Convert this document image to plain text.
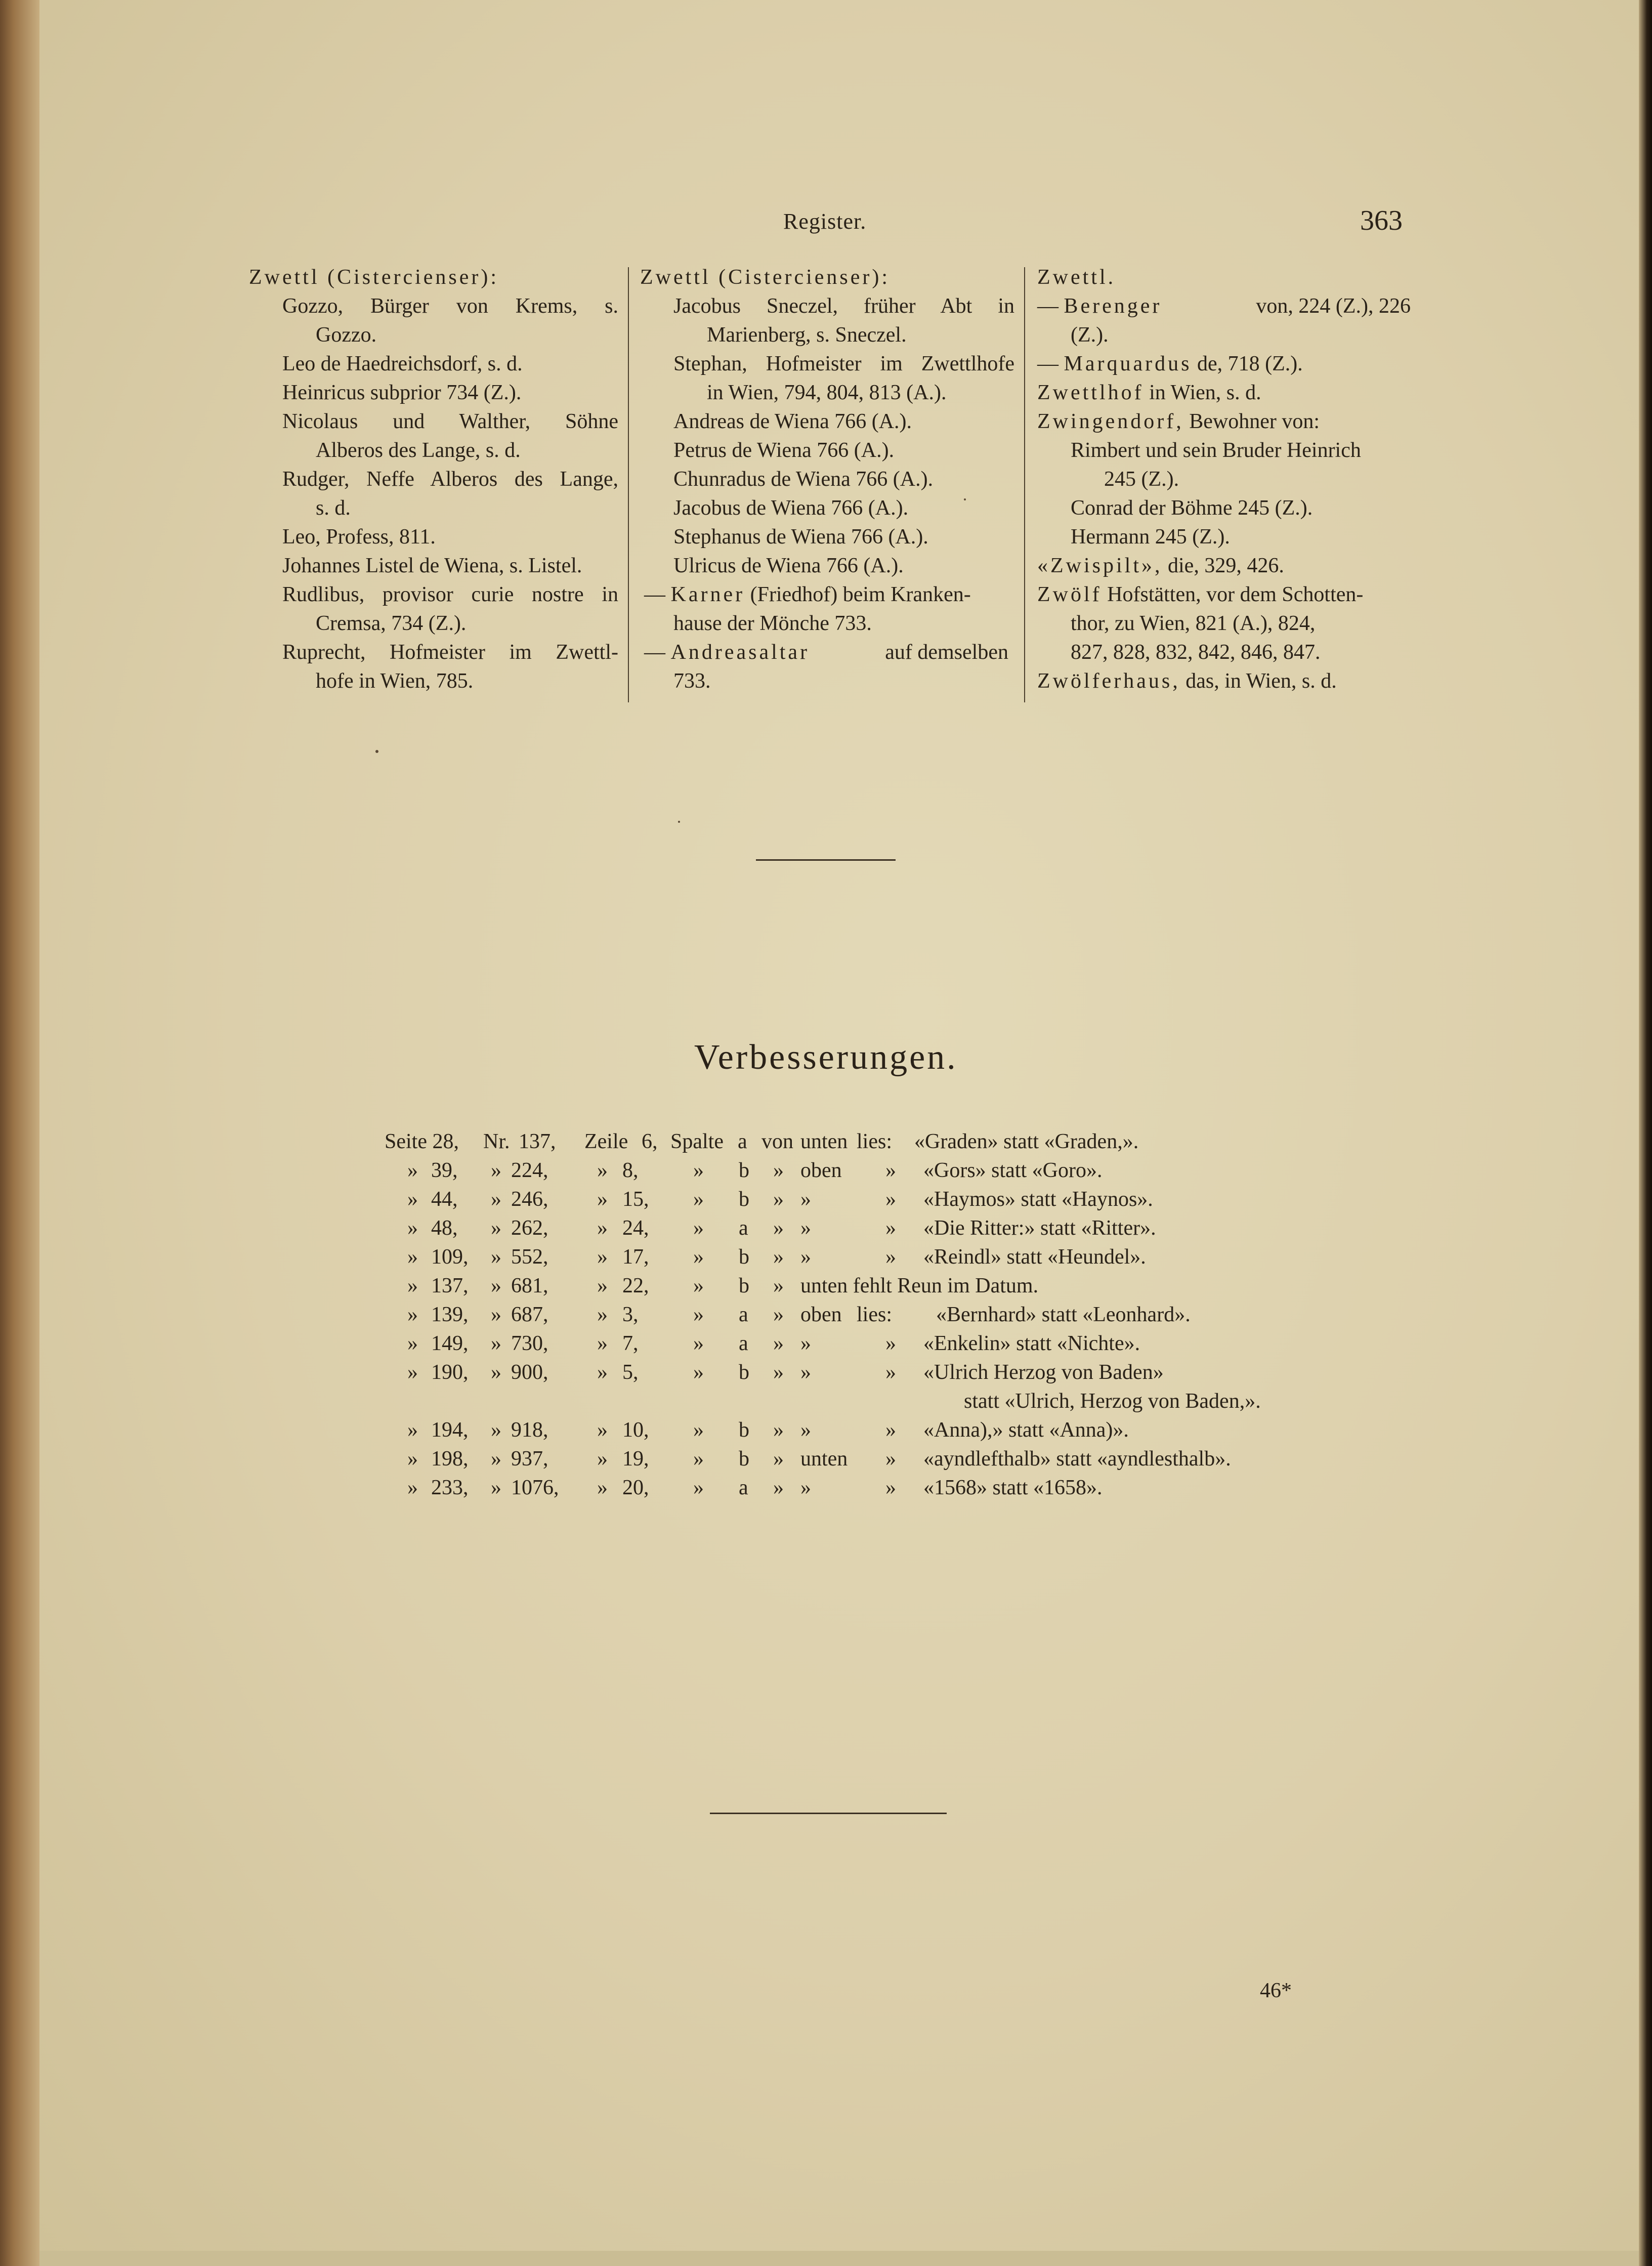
Register.	363
Zwettl (Cistercienser):
Gozzo, Bürger von Krems, s.
Gozzo.
Leo de Haedreichsdorf, s. d.
Heinricus subprior 734 (Z.).
Nicolaus und Walther, Söhne
Alberos des Lange, s. d.
Rudger, Neffe Alberos des Lange,
s. d.
Leo, Profess, 811.
Johannes Listel de Wiena, s. Listel.
Rudlibus, provisor curie nostre in
Cremsa, 734 (Z.).
Ruprecht, Hofmeister im Zwettl-
hofe in Wien, 785.
Zwettl (Cistercienser):
Jacobus Sneczel, früher Abt in
Marienberg, s. Sneczel.
Stephan, Hofmeister im Zwettlhofe
in Wien, 794, 804, 813 (A.).
Andreas de Wiena 766 (A.).
Petrus de Wiena 766 (A.).
Chunradus de Wiena 766 (A.).
Jacobus de Wiena 766 (A.).
Stephanus de Wiena 766 (A.).
Ulricus de Wiena 766 (A.).
— Karner (Friedhof) beim Kranken-
hause der Mönche 733.
— Andreasaltar	auf demselben
733.
Zwettl.
— Berenger	von, 224 (Z.), 226
(Z.).
— Marquardus de, 718 (Z.).
Zwettlhof in Wien, s. d.
Zwingendorf, Bewohner von:
Rimbert und sein Bruder Heinrich
245 (Z.).
Conrad der Böhme 245 (Z.).
Hermann 245 (Z.).
«Zwispilt», die, 329, 426.
Zwölf Hofstätten, vor dem Schotten-
thor, zu Wien, 821 (A.), 824,
827, 828, 832, 842, 846, 847.
Zwölferhaus, das, in Wien, s. d.
Verbesserungen.
Seite 28, Nr. 137, Zeile 6, Spalte a von unten lies: «Graden» statt «Graden,».
» 39, » 224, » 8,	» b » oben » «Gors» statt «Goro».
» 44, » 246, » 15, » b » »	» «Haymos» statt «Haynos».
» 48, » 262, » 24, » a » »	» «Die Ritter:» statt «Ritter».
» 109, » 552, » 17, » b » »	» «Reindl» statt «Heundel».
» 137, » 681, » 22, » b » unten fehlt Reun im Datum.
» 139, » 687, » 3,	» a » oben lies: «Bernhard» statt «Leonhard».
» 149, » 730, » 7,	» a » »	» «Enkelin» statt «Nichte».
» 190, » 900, » 5,	» b » »	» «Ulrich Herzog von Baden»
statt «Ulrich, Herzog von Baden,».
» 194, » 918, » 10, » b » »	» «Anna),» statt «Anna)».
» 198, » 937, » 19, » b » unten » «ayndlefthalb» statt «ayndlesthalb».
» 233, » 1076, » 20, » a » »	» «1568» statt «1658».
46*
